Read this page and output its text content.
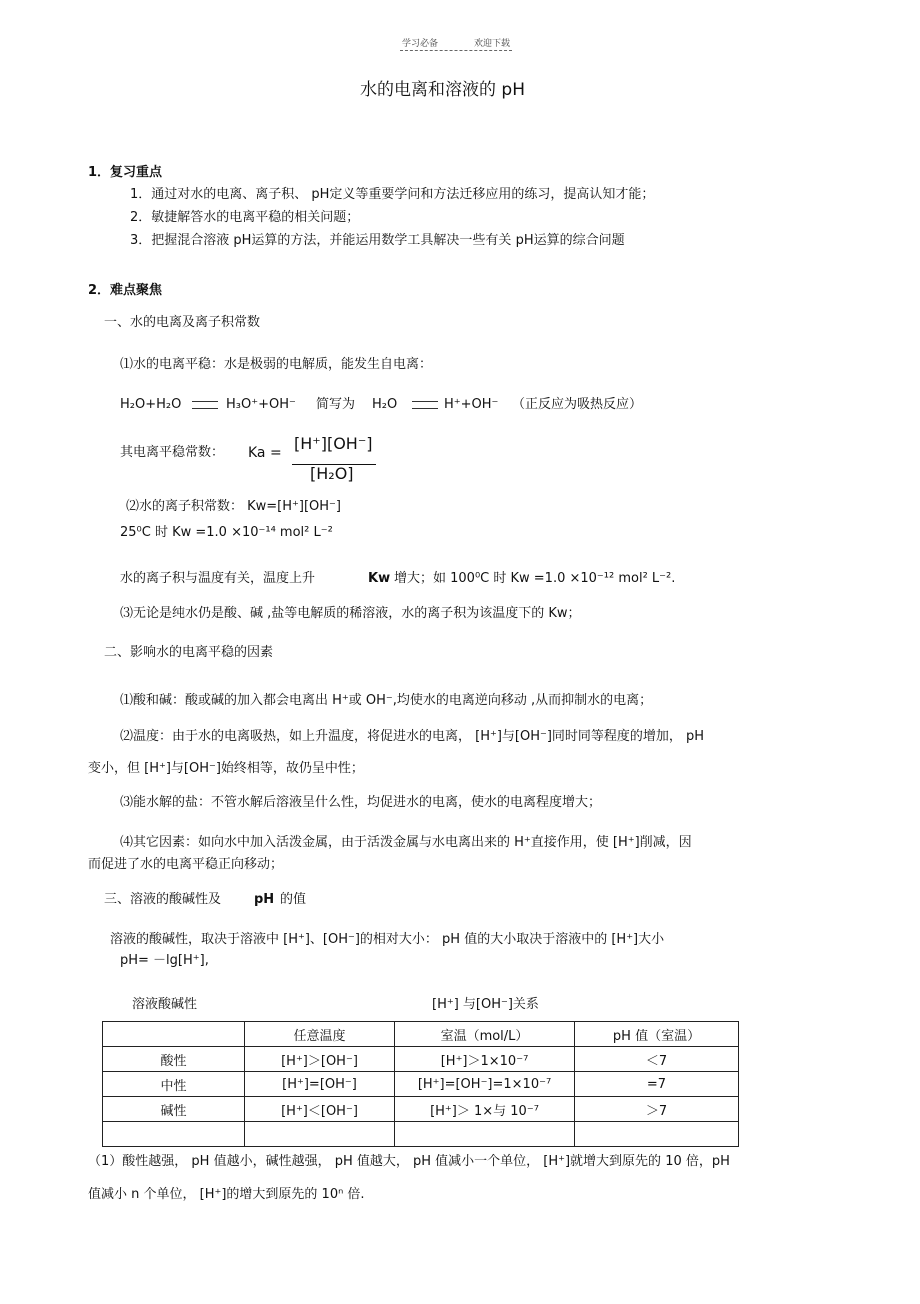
学习必备	欢迎下载
水的电离和溶液的 pH
1．复习重点
1．通过对水的电离、离子积、 pH定义等重要学问和方法迁移应用的练习，提高认知才能；
2．敏捷解答水的电离平稳的相关问题；
3．把握混合溶液 pH运算的方法，并能运用数学工具解决一些有关 pH运算的综合问题
2．难点聚焦
一、水的电离及离子积常数
⑴水的电离平稳：水是极弱的电解质，能发生自电离：
H₂O+H₂O	H₃O⁺+OH⁻ 简写为 H₂O	H⁺+OH⁻ （正反应为吸热反应）
其电离平稳常数： Ka = [H⁺][OH⁻]
[H₂O]
⑵水的离子积常数： Kw=[H⁺][OH⁻]
25⁰C 时 Kw =1.0 ×10⁻¹⁴ mol² L⁻²
水的离子积与温度有关，温度上升	Kw 增大；如 100⁰C 时 Kw =1.0 ×10⁻¹² mol² L⁻².
⑶无论是纯水仍是酸、碱 ,盐等电解质的稀溶液，水的离子积为该温度下的 Kw；
二、影响水的电离平稳的因素
⑴酸和碱：酸或碱的加入都会电离出 H⁺或 OH⁻,均使水的电离逆向移动 ,从而抑制水的电离；
⑵温度：由于水的电离吸热，如上升温度，将促进水的电离， [H⁺]与[OH⁻]同时同等程度的增加， pH
变小，但 [H⁺]与[OH⁻]始终相等，故仍呈中性；
⑶能水解的盐：不管水解后溶液呈什么性，均促进水的电离，使水的电离程度增大；
⑷其它因素：如向水中加入活泼金属，由于活泼金属与水电离出来的 H⁺直接作用，使 [H⁺]削减，因
而促进了水的电离平稳正向移动；
三、溶液的酸碱性及	pH 的值
溶液的酸碱性，取决于溶液中 [H⁺]、[OH⁻]的相对大小： pH 值的大小取决于溶液中的 [H⁺]大小
pH= －lg[H⁺],
溶液酸碱性	[H⁺] 与[OH⁻]关系
	任意温度	室温（mol/L）	pH 值（室温）
酸性	[H⁺]＞[OH⁻]	[H⁺]＞1×10⁻⁷	＜7
中性	[H⁺]=[OH⁻]	[H⁺]=[OH⁻]=1×10⁻⁷	=7
碱性	[H⁺]＜[OH⁻]	[H⁺]＞ 1×与 10⁻⁷	＞7

（1）酸性越强， pH 值越小，碱性越强， pH 值越大， pH 值减小一个单位， [H⁺]就增大到原先的 10 倍，pH
值减小 n 个单位， [H⁺]的增大到原先的 10ⁿ 倍.
